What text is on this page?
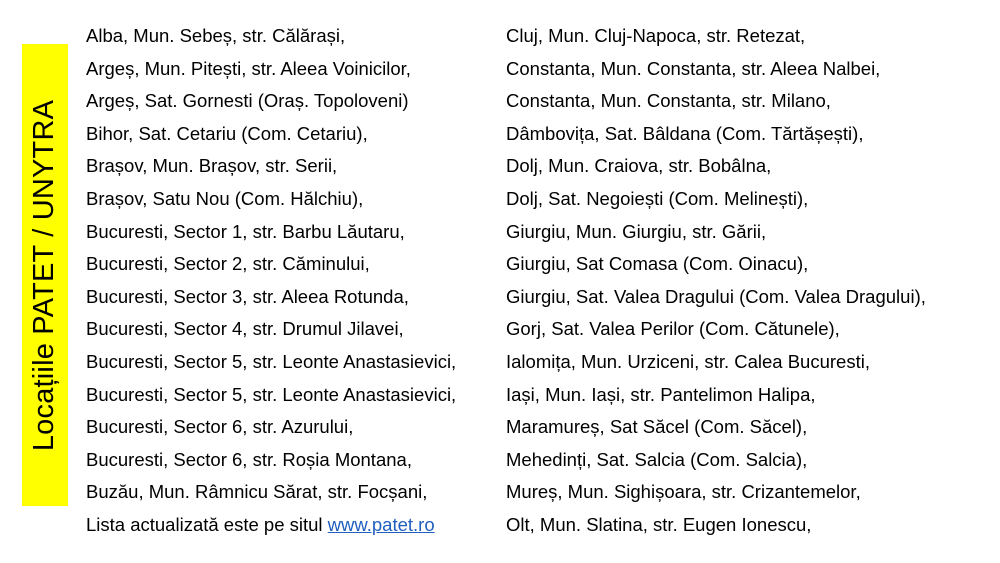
Locațiile PATET / UNYTRA
Alba, Mun. Sebeș, str. Călărași,
Argeș, Mun. Pitești, str. Aleea Voinicilor,
Argeș, Sat. Gornesti (Oraș. Topoloveni)
Bihor, Sat. Cetariu (Com. Cetariu),
Brașov, Mun. Brașov, str. Serii,
Brașov, Satu Nou (Com. Hălchiu),
Bucuresti, Sector 1, str. Barbu Lăutaru,
Bucuresti, Sector 2, str. Căminului,
Bucuresti, Sector 3, str. Aleea Rotunda,
Bucuresti, Sector 4, str. Drumul Jilavei,
Bucuresti, Sector 5, str. Leonte Anastasievici,
Bucuresti, Sector 5, str. Leonte Anastasievici,
Bucuresti, Sector 6, str. Azurului,
Bucuresti, Sector 6, str. Roșia Montana,
Buzău, Mun. Râmnicu Sărat, str. Focșani,
Lista actualizată este pe situl www.patet.ro
Cluj, Mun. Cluj-Napoca, str. Retezat,
Constanta, Mun. Constanta, str. Aleea Nalbei,
Constanta, Mun. Constanta, str. Milano,
Dâmbovița, Sat. Bâldana (Com. Tărtășești),
Dolj, Mun. Craiova, str. Bobâlna,
Dolj, Sat. Negoiești (Com. Melinești),
Giurgiu, Mun. Giurgiu, str. Gării,
Giurgiu, Sat Comasa (Com. Oinacu),
Giurgiu, Sat. Valea Dragului (Com. Valea Dragului),
Gorj, Sat. Valea Perilor (Com. Cătunele),
Ialomița, Mun. Urziceni, str. Calea Bucuresti,
Iași, Mun. Iași, str. Pantelimon Halipa,
Maramureș, Sat Săcel (Com. Săcel),
Mehedinți, Sat. Salcia (Com. Salcia),
Mureș, Mun. Sighișoara, str. Crizantemelor,
Olt, Mun. Slatina, str. Eugen Ionescu,
